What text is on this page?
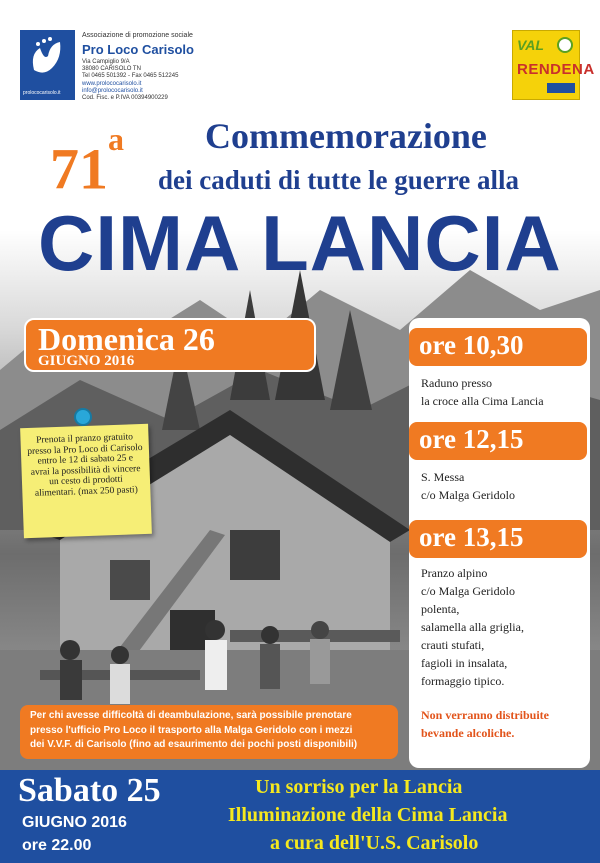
prolococarisolo.it
Associazione di promozione sociale
Pro Loco Carisolo
Via Campiglio 9/A
38080 CARISOLO TN
Tel 0465 501392 - Fax 0465 512245
www.prolococarisolo.it
info@prolococarisolo.it
Cod. Fisc. e P.IVA 00394900229
VAL
RENDENA
71$^a$ Commemorazione
dei caduti di tutte le guerre alla
CIMA LANCIA
Domenica 26
GIUGNO 2016
Prenota il pranzo gratuito presso la Pro Loco di Carisolo entro le 12 di sabato 25 e avrai la possibilità di vincere un cesto di prodotti alimentari. (max 250 pasti)
ore 10,30
Raduno presso
la croce alla Cima Lancia
ore 12,15
S. Messa
c/o Malga Geridolo
ore 13,15
Pranzo alpino
c/o Malga Geridolo
polenta,
salamella alla griglia,
crauti stufati,
fagioli in insalata,
formaggio tipico.
Non verranno distribuite
bevande alcoliche.
Per chi avesse difficoltà di deambulazione, sarà possibile prenotare
presso l'ufficio Pro Loco il trasporto alla Malga Geridolo con i mezzi
dei V.V.F. di Carisolo (fino ad esaurimento dei pochi posti disponibili)
Sabato 25
GIUGNO 2016
ore 22.00
Un sorriso per la Lancia
Illuminazione della Cima Lancia
a cura dell'U.S. Carisolo
